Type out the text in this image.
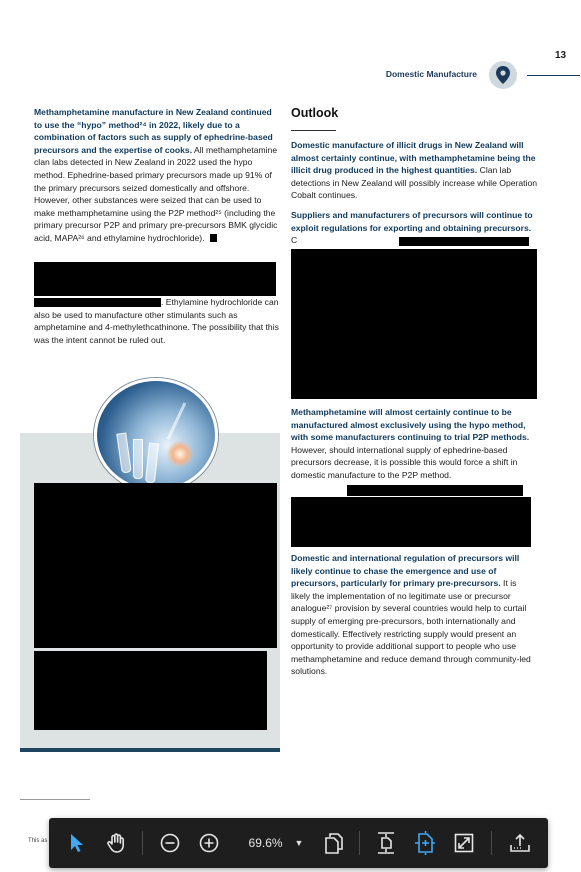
13
Domestic Manufacture
Methamphetamine manufacture in New Zealand continued to use the “hypo” method²⁴ in 2022, likely due to a combination of factors such as supply of ephedrine-based precursors and the expertise of cooks. All methamphetamine clan labs detected in New Zealand in 2022 used the hypo method. Ephedrine-based primary precursors made up 91% of the primary precursors seized domestically and offshore. However, other substances were seized that can be used to make methamphetamine using the P2P method²⁵ (including the primary precursor P2P and primary pre-precursors BMK glycidic acid, MAPA²⁶ and ethylamine hydrochloride).
. Ethylamine hydrochloride can also be used to manufacture other stimulants such as amphetamine and 4-methylethcathinone. The possibility that this was the intent cannot be ruled out.
Outlook
Domestic manufacture of illicit drugs in New Zealand will almost certainly continue, with methamphetamine being the illicit drug produced in the highest quantities. Clan lab detections in New Zealand will possibly increase while Operation Cobalt continues.
Suppliers and manufacturers of precursors will continue to exploit regulations for exporting and obtaining precursors. C
Methamphetamine will almost certainly continue to be manufactured almost exclusively using the hypo method, with some manufacturers continuing to trial P2P methods. However, should international supply of ephedrine-based precursors decrease, it is possible this would force a shift in domestic manufacture to the P2P method.
Domestic and international regulation of precursors will likely continue to chase the emergence and use of precursors, particularly for primary pre-precursors. It is likely the implementation of no legitimate use or precursor analogue²⁷ provision by several countries would help to curtail supply of emerging pre-precursors, both internationally and domestically. Effectively restricting supply would present an opportunity to provide additional support to people who use methamphetamine and reduce demand through community-led solutions.
This as	69.6% ▼
